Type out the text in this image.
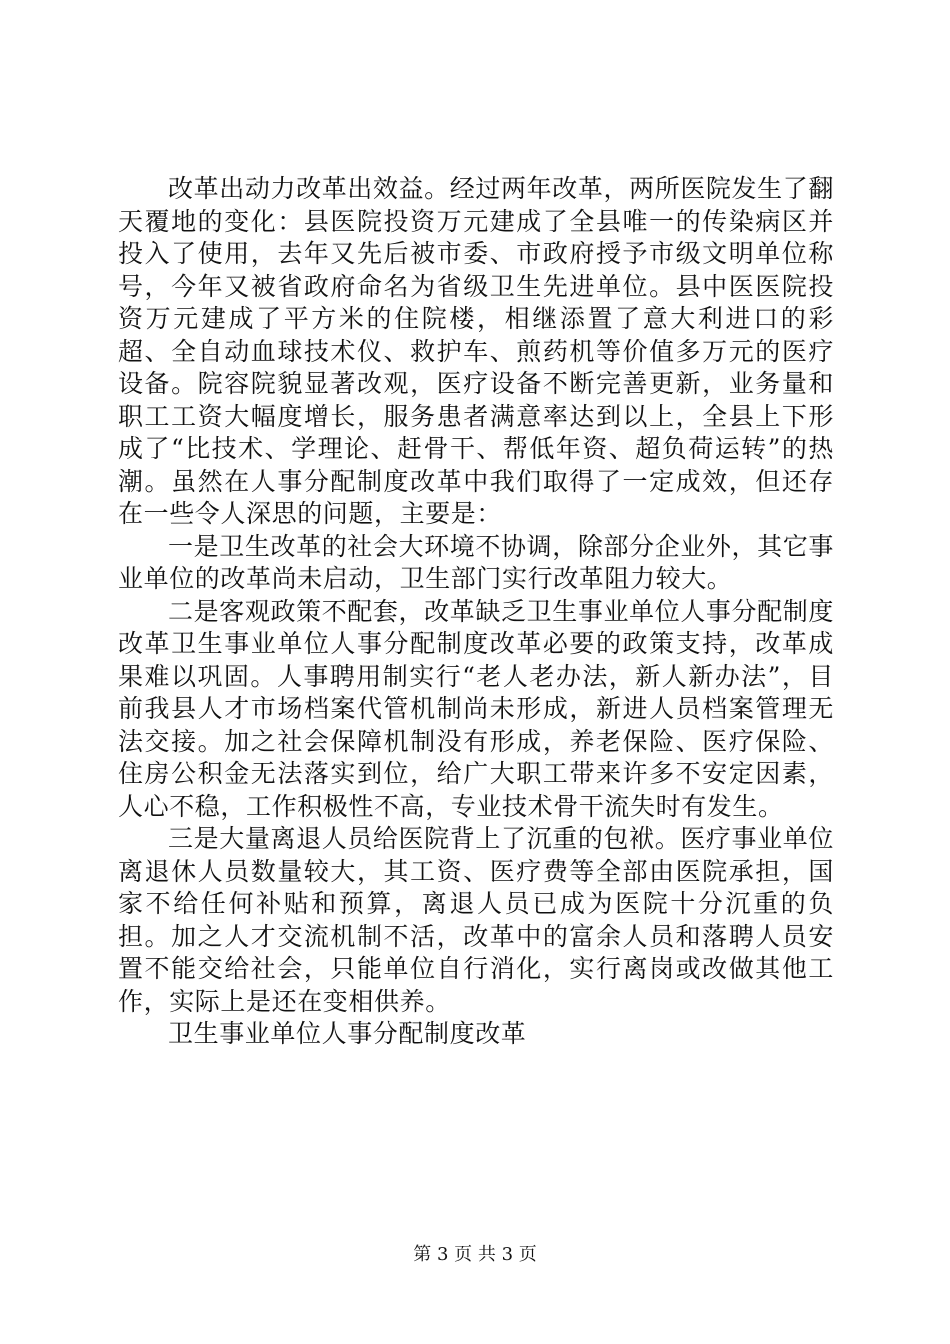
改革出动力改革出效益。经过两年改革，两所医院发生了翻天覆地的变化：县医院投资万元建成了全县唯一的传染病区并投入了使用，去年又先后被市委、市政府授予市级文明单位称号，今年又被省政府命名为省级卫生先进单位。县中医医院投资万元建成了平方米的住院楼，相继添置了意大利进口的彩超、全自动血球技术仪、救护车、煎药机等价值多万元的医疗设备。院容院貌显著改观，医疗设备不断完善更新，业务量和职工工资大幅度增长，服务患者满意率达到以上，全县上下形成了“比技术、学理论、赶骨干、帮低年资、超负荷运转”的热潮。虽然在人事分配制度改革中我们取得了一定成效，但还存在一些令人深思的问题，主要是：

一是卫生改革的社会大环境不协调，除部分企业外，其它事业单位的改革尚未启动，卫生部门实行改革阻力较大。

二是客观政策不配套，改革缺乏卫生事业单位人事分配制度改革卫生事业单位人事分配制度改革必要的政策支持，改革成果难以巩固。人事聘用制实行“老人老办法，新人新办法”，目前我县人才市场档案代管机制尚未形成，新进人员档案管理无法交接。加之社会保障机制没有形成，养老保险、医疗保险、住房公积金无法落实到位，给广大职工带来许多不安定因素，人心不稳，工作积极性不高，专业技术骨干流失时有发生。

三是大量离退人员给医院背上了沉重的包袱。医疗事业单位离退休人员数量较大，其工资、医疗费等全部由医院承担，国家不给任何补贴和预算，离退人员已成为医院十分沉重的负担。加之人才交流机制不活，改革中的富余人员和落聘人员安置不能交给社会，只能单位自行消化，实行离岗或改做其他工作，实际上是还在变相供养。

卫生事业单位人事分配制度改革

第 3 页 共 3 页
